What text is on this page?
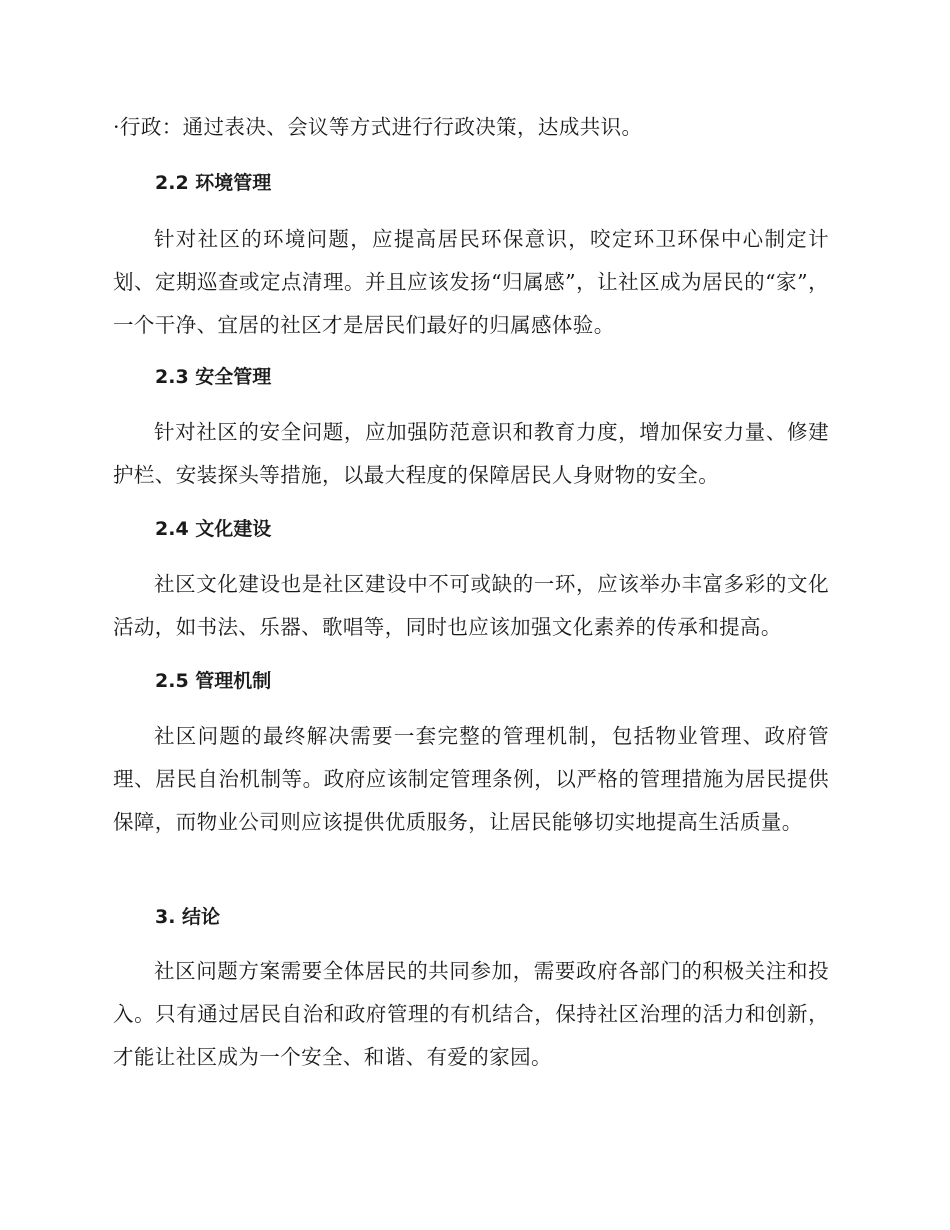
·行政：通过表决、会议等方式进行行政决策，达成共识。

2.2 环境管理

针对社区的环境问题，应提高居民环保意识，咬定环卫环保中心制定计划、定期巡查或定点清理。并且应该发扬“归属感”，让社区成为居民的“家”，一个干净、宜居的社区才是居民们最好的归属感体验。

2.3 安全管理

针对社区的安全问题，应加强防范意识和教育力度，增加保安力量、修建护栏、安装探头等措施，以最大程度的保障居民人身财物的安全。

2.4 文化建设

社区文化建设也是社区建设中不可或缺的一环，应该举办丰富多彩的文化活动，如书法、乐器、歌唱等，同时也应该加强文化素养的传承和提高。

2.5 管理机制

社区问题的最终解决需要一套完整的管理机制，包括物业管理、政府管理、居民自治机制等。政府应该制定管理条例，以严格的管理措施为居民提供保障，而物业公司则应该提供优质服务，让居民能够切实地提高生活质量。

3. 结论

社区问题方案需要全体居民的共同参加，需要政府各部门的积极关注和投入。只有通过居民自治和政府管理的有机结合，保持社区治理的活力和创新，才能让社区成为一个安全、和谐、有爱的家园。
